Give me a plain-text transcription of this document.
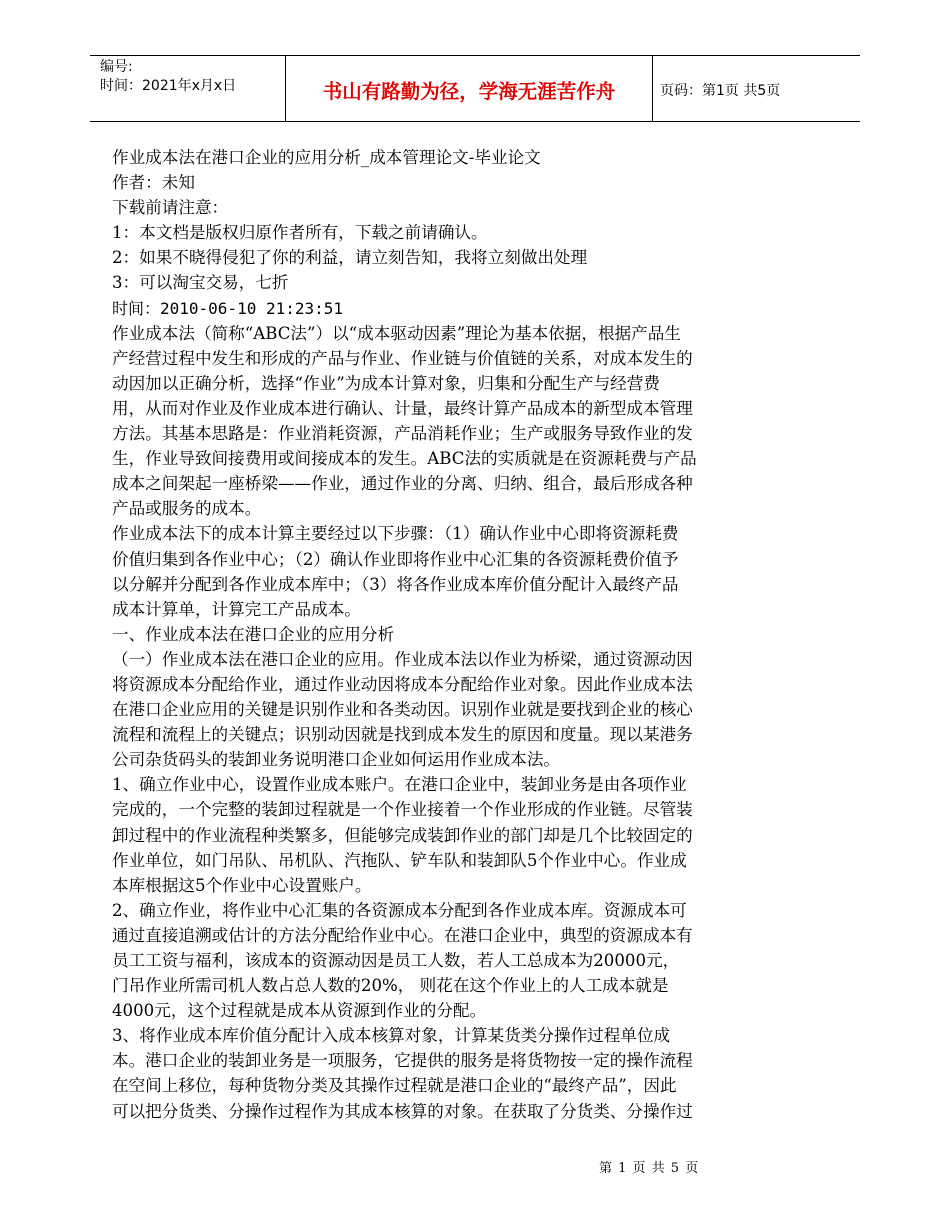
编号:
时间：2021年x月x日	书山有路勤为径，学海无涯苦作舟	页码：第1页 共5页
作业成本法在港口企业的应用分析_成本管理论文-毕业论文
作者：未知
下载前请注意：
1：本文档是版权归原作者所有，下载之前请确认。
2：如果不晓得侵犯了你的利益，请立刻告知，我将立刻做出处理
3：可以淘宝交易，七折
时间：2010-06-10 21:23:51
作业成本法（简称“ABC法”）以“成本驱动因素”理论为基本依据，根据产品生
产经营过程中发生和形成的产品与作业、作业链与价值链的关系，对成本发生的
动因加以正确分析，选择“作业”为成本计算对象，归集和分配生产与经营费
用，从而对作业及作业成本进行确认、计量，最终计算产品成本的新型成本管理
方法。其基本思路是：作业消耗资源，产品消耗作业；生产或服务导致作业的发
生，作业导致间接费用或间接成本的发生。ABC法的实质就是在资源耗费与产品
成本之间架起一座桥梁——作业，通过作业的分离、归纳、组合，最后形成各种
产品或服务的成本。
作业成本法下的成本计算主要经过以下步骤：（1）确认作业中心即将资源耗费
价值归集到各作业中心；（2）确认作业即将作业中心汇集的各资源耗费价值予
以分解并分配到各作业成本库中；（3）将各作业成本库价值分配计入最终产品
成本计算单，计算完工产品成本。
一、作业成本法在港口企业的应用分析
（一）作业成本法在港口企业的应用。作业成本法以作业为桥梁，通过资源动因
将资源成本分配给作业，通过作业动因将成本分配给作业对象。因此作业成本法
在港口企业应用的关键是识别作业和各类动因。识别作业就是要找到企业的核心
流程和流程上的关键点；识别动因就是找到成本发生的原因和度量。现以某港务
公司杂货码头的装卸业务说明港口企业如何运用作业成本法。
1、确立作业中心，设置作业成本账户。在港口企业中，装卸业务是由各项作业
完成的，一个完整的装卸过程就是一个作业接着一个作业形成的作业链。尽管装
卸过程中的作业流程种类繁多，但能够完成装卸作业的部门却是几个比较固定的
作业单位，如门吊队、吊机队、汽拖队、铲车队和装卸队5个作业中心。作业成
本库根据这5个作业中心设置账户。
2、确立作业，将作业中心汇集的各资源成本分配到各作业成本库。资源成本可
通过直接追溯或估计的方法分配给作业中心。在港口企业中，典型的资源成本有
员工工资与福利，该成本的资源动因是员工人数，若人工总成本为20000元，
门吊作业所需司机人数占总人数的20%， 则花在这个作业上的人工成本就是
4000元，这个过程就是成本从资源到作业的分配。
3、将作业成本库价值分配计入成本核算对象，计算某货类分操作过程单位成
本。港口企业的装卸业务是一项服务，它提供的服务是将货物按一定的操作流程
在空间上移位，每种货物分类及其操作过程就是港口企业的“最终产品”，因此
可以把分货类、分操作过程作为其成本核算的对象。在获取了分货类、分操作过
第 1 页 共 5 页
